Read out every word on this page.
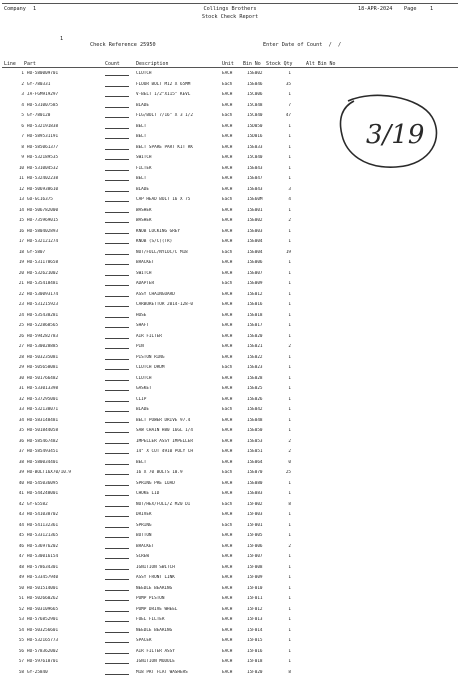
Company 1	Collings Brothers
Stock Check Report
18-APR-2024 Page	1
1
Check Reference 25950	Enter Date of Count  /  /
Line Part	Count	Description	Unit Bin No Stock Qty	Alt Bin No
1 HU-580009701	CLUTCH	EACH	15E002	1
2 GY-780331	FLOOR BOLT M12 X 65MM	Each	15E046	35
3 JA-FGM919297	V-BELT 1/2"X115" KEVL	EACH	15C006	1
4 HU-531007585	BLADE	EACH	15C048	7
5 GY-780120	FLG/BOLT 7/16" X 3 1/2	Each	15C040	47
6 HU-532191838	BELT	EACH	15D050	1
7 HU-589531191	BELT	EACH	15D016	1
8 HU-585061377	BELT SPARE PART KIT RK	EACH	15E033	1
9 HU-532189535	SWITCH	EACH	15C040	1
10 HU-531004532	FILTER	EACH	15E043	1
11 HU-532402238	BELT	EACH	15E047	1
12 HU-506938610	BLADE	EACH	15E043	3
13 GO-GC16375	CAP HEAD BOLT 16 X 75	Each	15E60M	4
14 HU-506782000	WASHER	EACH	15E001	1
15 HU-735969015	WASHER	EACH	15E002	2
16 HU-580402893	KNOB LOCKING GREY	EACH	15E003	1
17 HU-532121274	KNOB (S/C)(TR)	EACH	15E004	1
18 GY-5807	NUT/FULL/NYLOC/C M18	Each	15E004	19
19 HU-531178658	BRACKET	EACH	15E006	1
20 HU-532621002	SWITCH	EACH	15E007	1
21 HU-535418481	ADAPTER	Each	15E009	1
22 HU-530093174	ASSY CHAINGUARD	EACH	15E012	1
23 HU-531215923	CARBURETTOR 2014-128-0	EACH	15E016	1
24 HU-535438281	HOSE	EACH	15E018	1
25 HU-522868565	SHAFT	EACH	15E017	1
26 HU-594282783	AIR FILTER	EACH	15E020	1
27 HU-530028885	PIN	EACH	15E021	2
28 HU-503235081	PISTON RING	EACH	15E022	1
29 HU-505658081	CLUTCH DRUM	Each	15E023	1
30 HU-501766482	CLUTCH	EACH	15E028	1
31 HU-533013398	GASKET	EACH	15E025	1
32 HU-537295001	CLIP	EACH	15E026	1
33 HU-532138071	BLADE	Each	15E042	1
34 HU-583148481	BELT POWER DRIVE 97.4	EACH	15E048	1
35 HU-501844058	SAW CHAIN H80 16GL 1/4	EACH	15E050	1
36 HU-585467482	IMPELLER ASSY IMPELLER	EACH	15E053	2
37 HU-585493451	14" X CUT 4910 POLY CH	EACH	15E051	2
38 HU-580034401	BELT	EACH	15E064	0
39 HU-BOLT16X70/10.9	16 X 70 BOLTS 10.9	Each	15E070	25
40 HU-545036095	SPRING PRE LOAD	EACH	15E080	1
41 HU-544248001	CHOKE LID	EACH	15E083	1
42 GY-G5582	NUT/HEX/FULL/Z M20 DI	Each	15F002	8
43 HU-541038702	DRIVER	EACH	15F003	1
44 HU-541132361	SPRING	Each	15F001	1
45 HU-533121365	BUTTON	EACH	15F005	1
46 HU-536976202	BRACKET	EACH	15F006	2
47 HU-530016154	SCREW	EACH	15F007	1
48 HU-578634301	IGNITION SWITCH	EACH	15F008	1
49 HU-533457940	ASSY FRONT LINK	EACH	15F009	1
50 HU-501514001	NEEDLE BEARING	EACH	15F010	1
51 HU-502660262	PUMP PISTON	EACH	15F011	1
52 HU-503109665	PUMP DRIVE WHEEL	EACH	15F012	1
53 HU-576852901	FUEL FILTER	EACH	15F013	1
54 HU-503256601	NEEDLE BEARING	EACH	15F014	1
55 HU-532165773	SPACER	EACH	15F015	1
56 HU-578362002	AIR FILTER ASSY	EACH	15F016	1
57 HU-597618701	IGNITION MODULE	EACH	15F018	1
58 GY-25840	M18 PRT FLAT WASHERS	EACH	15F020	8
3/19
